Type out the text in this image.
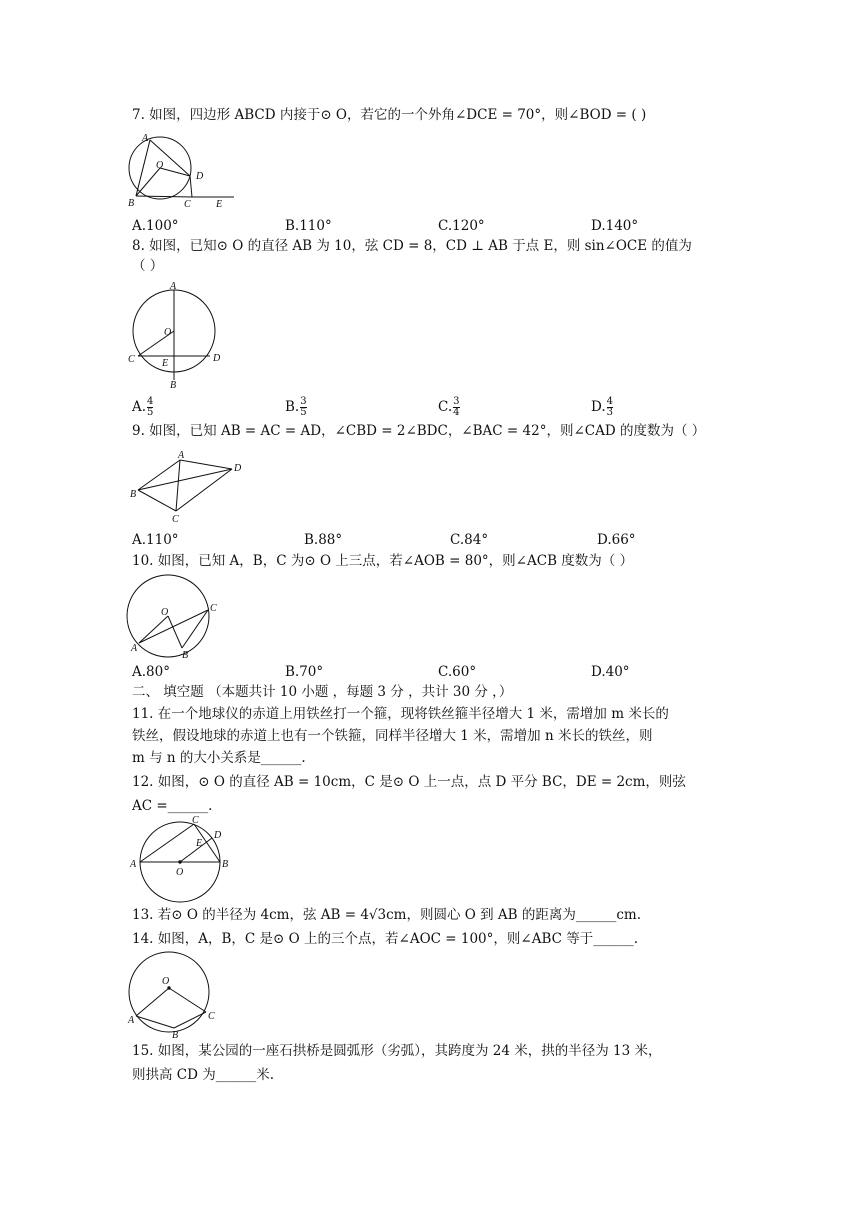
7. 如图，四边形 ABCD 内接于⊙ O，若它的一个外角∠DCE = 70°，则∠BOD = ( )
A
O
D
B	C	E
A.100°	B.110°	C.120°	D.140°
8. 如图，已知⊙ O 的直径 AB 为 10，弦 CD = 8，CD ⊥ AB 于点 E，则 sin∠OCE 的值为
（ ）
A
O
C	E	D
B
A. $\frac{4}{5}$	B. $\frac{3}{5}$	C. $\frac{3}{4}$	D. $\frac{4}{3}$
9. 如图，已知 AB = AC = AD，∠CBD = 2∠BDC，∠BAC = 42°，则∠CAD 的度数为（ ）
A
D
B
C
A.110°	B.88°	C.84°	D.66°
10. 如图，已知 A，B，C 为⊙ O 上三点，若∠AOB = 80°，则∠ACB 度数为（ ）
O	C
A
B
A.80°	B.70°	C.60°	D.40°
二、 填空题 （本题共计 10 小题 ，每题 3 分 ，共计 30 分 ，）
11. 在一个地球仪的赤道上用铁丝打一个箍，现将铁丝箍半径增大 1 米，需增加 m 米长的
铁丝，假设地球的赤道上也有一个铁箍，同样半径增大 1 米，需增加 n 米长的铁丝，则
m 与 n 的大小关系是______.
12. 如图，⊙ O 的直径 AB = 10cm，C 是⊙ O 上一点，点 D 平分 BC，DE = 2cm，则弦
AC =______.
C
D
E
A
O
B
13. 若⊙ O 的半径为 4cm，弦 AB = 4√3cm，则圆心 O 到 AB 的距离为______cm.
14. 如图，A，B，C 是⊙ O 上的三个点，若∠AOC = 100°，则∠ABC 等于______.
O
A
B
C
15. 如图，某公园的一座石拱桥是圆弧形（劣弧），其跨度为 24 米，拱的半径为 13 米，
则拱高 CD 为______米.
